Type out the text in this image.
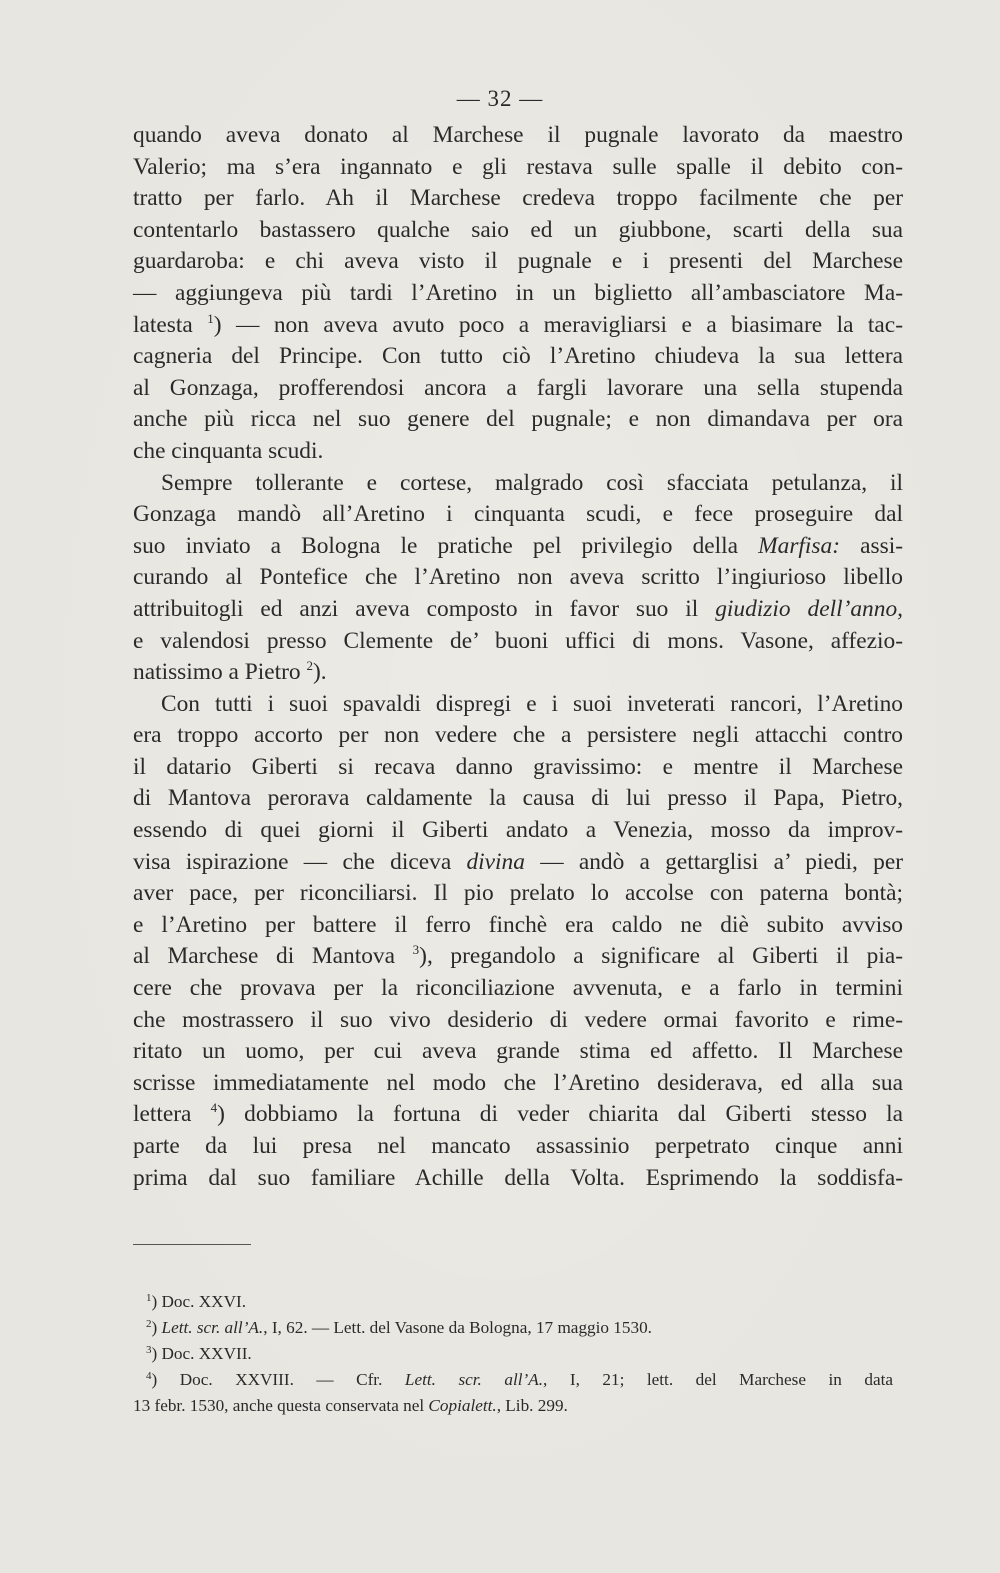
— 32 —

quando aveva donato al Marchese il pugnale lavorato da maestro
Valerio; ma s’era ingannato e gli restava sulle spalle il debito con-
tratto per farlo. Ah il Marchese credeva troppo facilmente che per
contentarlo bastassero qualche saio ed un giubbone, scarti della sua
guardaroba: e chi aveva visto il pugnale e i presenti del Marchese
— aggiungeva più tardi l’Aretino in un biglietto all’ambasciatore Ma-
latesta $^1$) — non aveva avuto poco a meravigliarsi e a biasimare la tac-
cagneria del Principe. Con tutto ciò l’Aretino chiudeva la sua lettera
al Gonzaga, profferendosi ancora a fargli lavorare una sella stupenda
anche più ricca nel suo genere del pugnale; e non dimandava per ora
che cinquanta scudi.

Sempre tollerante e cortese, malgrado così sfacciata petulanza, il
Gonzaga mandò all’Aretino i cinquanta scudi, e fece proseguire dal
suo inviato a Bologna le pratiche pel privilegio della Marfisa: assi-
curando al Pontefice che l’Aretino non aveva scritto l’ingiurioso libello
attribuitogli ed anzi aveva composto in favor suo il giudizio dell’anno,
e valendosi presso Clemente de’ buoni uffici di mons. Vasone, affezio-
natissimo a Pietro $^2$).

Con tutti i suoi spavaldi dispregi e i suoi inveterati rancori, l’Aretino
era troppo accorto per non vedere che a persistere negli attacchi contro
il datario Giberti si recava danno gravissimo: e mentre il Marchese
di Mantova perorava caldamente la causa di lui presso il Papa, Pietro,
essendo di quei giorni il Giberti andato a Venezia, mosso da improv-
visa ispirazione — che diceva divina — andò a gettarglisi a’ piedi, per
aver pace, per riconciliarsi. Il pio prelato lo accolse con paterna bontà;
e l’Aretino per battere il ferro finchè era caldo ne diè subito avviso
al Marchese di Mantova $^3$), pregandolo a significare al Giberti il pia-
cere che provava per la riconciliazione avvenuta, e a farlo in termini
che mostrassero il suo vivo desiderio di vedere ormai favorito e rime-
ritato un uomo, per cui aveva grande stima ed affetto. Il Marchese
scrisse immediatamente nel modo che l’Aretino desiderava, ed alla sua
lettera $^4$) dobbiamo la fortuna di veder chiarita dal Giberti stesso la
parte da lui presa nel mancato assassinio perpetrato cinque anni
prima dal suo familiare Achille della Volta. Esprimendo la soddisfa-

$^1$) Doc. XXVI.
$^2$) Lett. scr. all’A., I, 62. — Lett. del Vasone da Bologna, 17 maggio 1530.
$^3$) Doc. XXVII.
$^4$) Doc. XXVIII. — Cfr. Lett. scr. all’A., I, 21; lett. del Marchese in data
13 febr. 1530, anche questa conservata nel Copialett., Lib. 299.
